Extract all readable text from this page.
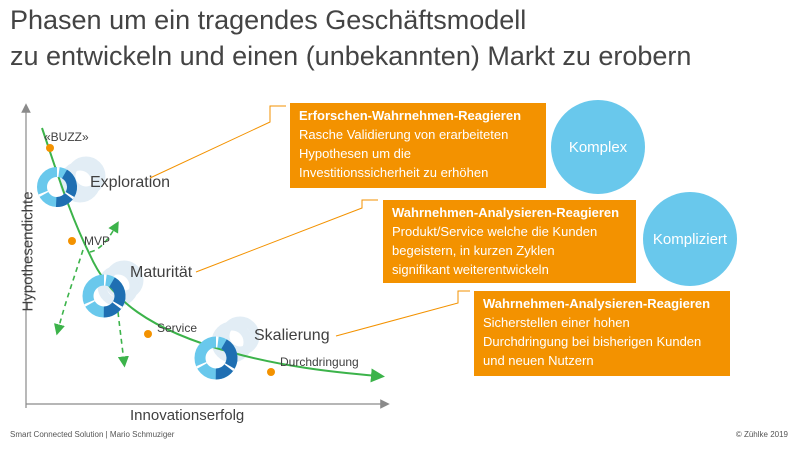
Phasen um ein tragendes Geschäftsmodell
zu entwickeln und einen (unbekannten) Markt zu erobern
«BUZZ»
Exploration
MVP
Maturität
Service	Skalierung
Durchdringung
Hypothesendichte
Innovationserfolg
Erforschen-Wahrnehmen-Reagieren
Rasche Validierung von erarbeiteten
Hypothesen um die
Investitionssicherheit zu erhöhen
Wahrnehmen-Analysieren-Reagieren
Produkt/Service welche die Kunden
begeistern, in kurzen Zyklen
signifikant weiterentwickeln
Wahrnehmen-Analysieren-Reagieren
Sicherstellen einer hohen
Durchdringung bei bisherigen Kunden
und neuen Nutzern
Komplex
Kompliziert
Smart Connected Solution | Mario Schmuziger	© Zühlke 2019
